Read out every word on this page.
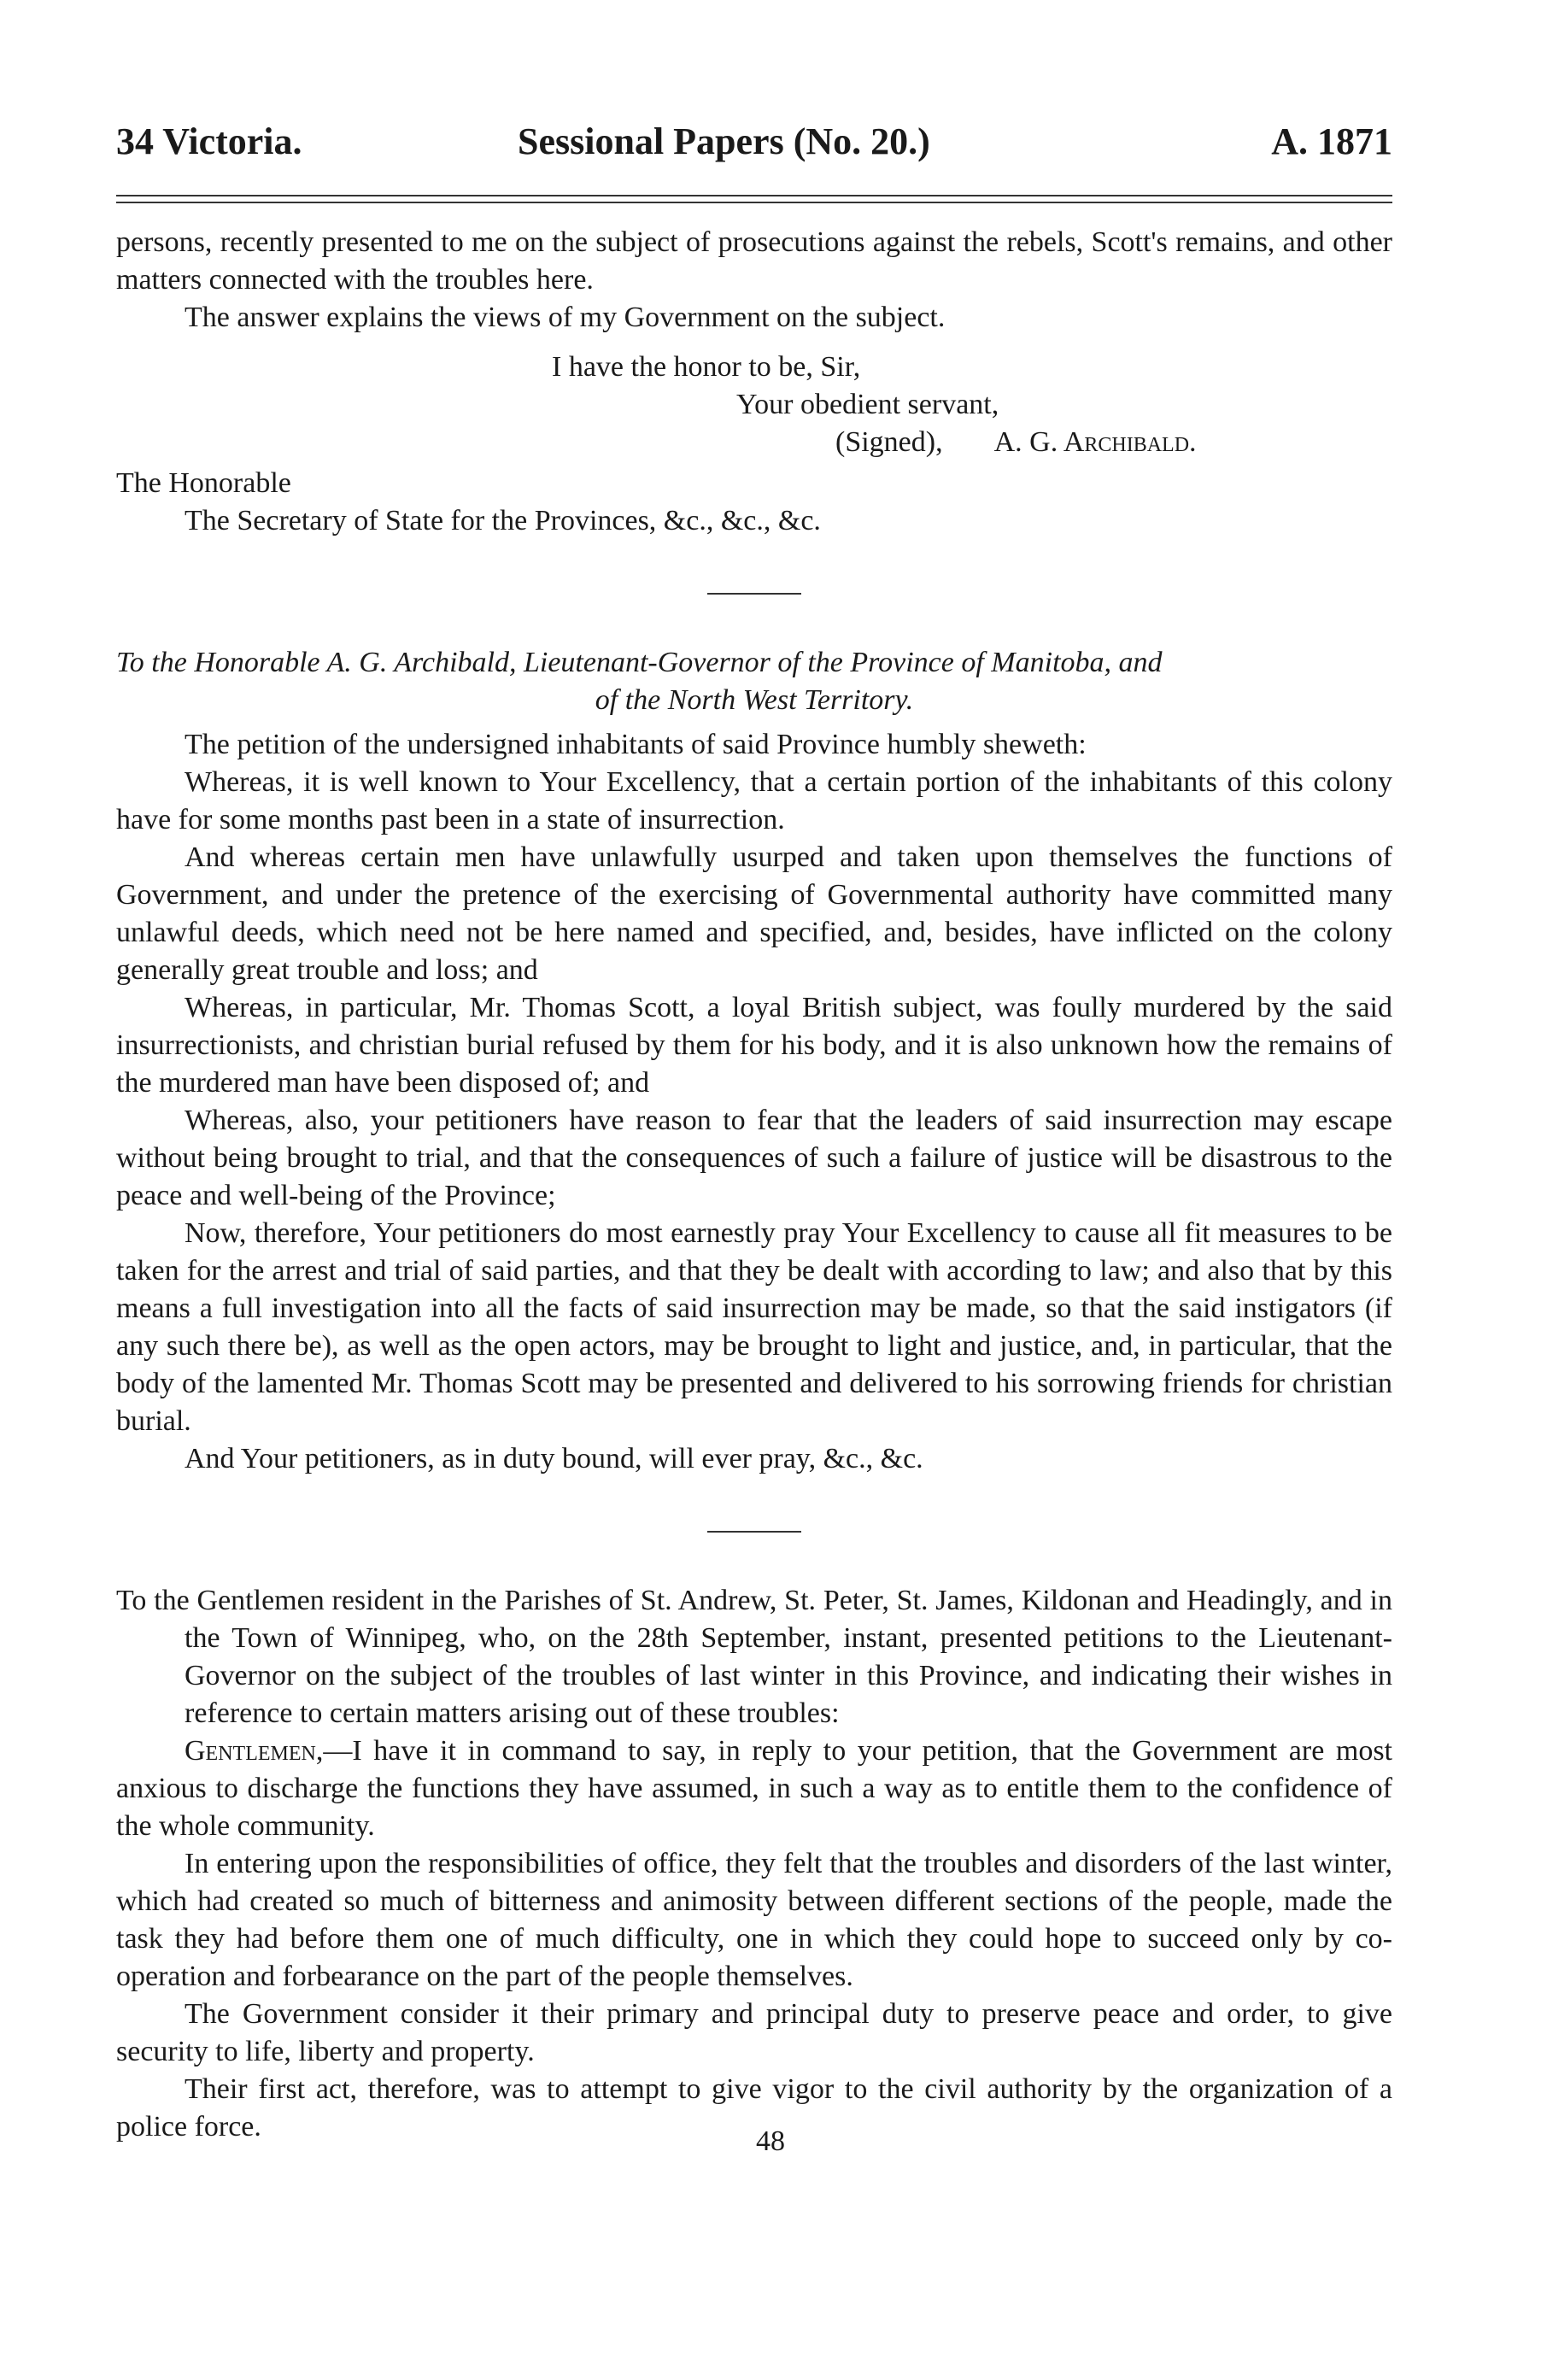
34 Victoria.	Sessional Papers (No. 20.)	A. 1871

persons, recently presented to me on the subject of prosecutions against the rebels, Scott's remains, and other matters connected with the troubles here.

The answer explains the views of my Government on the subject.

I have the honor to be, Sir,

Your obedient servant,

(Signed), A. G. Archibald.

The Honorable

The Secretary of State for the Provinces, &c., &c., &c.

To the Honorable A. G. Archibald, Lieutenant-Governor of the Province of Manitoba, and

of the North West Territory.

The petition of the undersigned inhabitants of said Province humbly sheweth:

Whereas, it is well known to Your Excellency, that a certain portion of the inhabitants of this colony have for some months past been in a state of insurrection.

And whereas certain men have unlawfully usurped and taken upon themselves the functions of Government, and under the pretence of the exercising of Governmental authority have committed many unlawful deeds, which need not be here named and specified, and, besides, have inflicted on the colony generally great trouble and loss; and

Whereas, in particular, Mr. Thomas Scott, a loyal British subject, was foully murdered by the said insurrectionists, and christian burial refused by them for his body, and it is also unknown how the remains of the murdered man have been disposed of; and

Whereas, also, your petitioners have reason to fear that the leaders of said insurrection may escape without being brought to trial, and that the consequences of such a failure of justice will be disastrous to the peace and well-being of the Province;

Now, therefore, Your petitioners do most earnestly pray Your Excellency to cause all fit measures to be taken for the arrest and trial of said parties, and that they be dealt with according to law; and also that by this means a full investigation into all the facts of said insurrection may be made, so that the said instigators (if any such there be), as well as the open actors, may be brought to light and justice, and, in particular, that the body of the lamented Mr. Thomas Scott may be presented and delivered to his sorrowing friends for christian burial.

And Your petitioners, as in duty bound, will ever pray, &c., &c.

To the Gentlemen resident in the Parishes of St. Andrew, St. Peter, St. James, Kildonan and Headingly, and in the Town of Winnipeg, who, on the 28th September, instant, presented petitions to the Lieutenant-Governor on the subject of the troubles of last winter in this Province, and indicating their wishes in reference to certain matters arising out of these troubles:

Gentlemen,—I have it in command to say, in reply to your petition, that the Government are most anxious to discharge the functions they have assumed, in such a way as to entitle them to the confidence of the whole community.

In entering upon the responsibilities of office, they felt that the troubles and disorders of the last winter, which had created so much of bitterness and animosity between different sections of the people, made the task they had before them one of much difficulty, one in which they could hope to succeed only by co-operation and forbearance on the part of the people themselves.

The Government consider it their primary and principal duty to preserve peace and order, to give security to life, liberty and property.

Their first act, therefore, was to attempt to give vigor to the civil authority by the organization of a police force.	48
